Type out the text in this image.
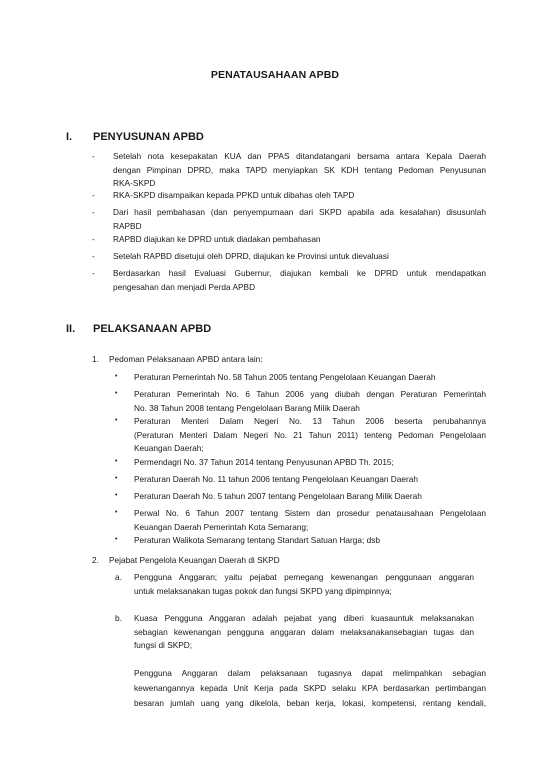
PENATAUSAHAAN APBD
I. PENYUSUNAN APBD
II. PELAKSANAAN APBD
1. Pedoman Pelaksanaan APBD antara lain:
2. Pejabat Pengelola Keuangan Daerah di SKPD
- Setelah nota kesepakatan KUA dan PPAS ditandatangani bersama antara Kepala Daerah
dengan Pimpinan DPRD, maka TAPD menyiapkan SK KDH tentang Pedoman Penyusunan
RKA-SKPD
- RKA-SKPD disampaikan kepada PPKD untuk dibahas oleh TAPD
- Dari hasil pembahasan (dan penyempurnaan dari SKPD apabila ada kesalahan) disusunlah
RAPBD
- RAPBD diajukan ke DPRD untuk diadakan pembahasan
- Setelah RAPBD disetujui oleh DPRD, diajukan ke Provinsi untuk dievaluasi
- Berdasarkan hasil Evaluasi Gubernur, diajukan kembali ke DPRD untuk mendapatkan
pengesahan dan menjadi Perda APBD
• Peraturan Pemerintah No. 58 Tahun 2005 tentang Pengelolaan Keuangan Daerah
• Peraturan Pemerintah No. 6 Tahun 2006 yang diubah dengan Peraturan Pemerintah
No. 38 Tahun 2008 tentang Pengelolaan Barang Milik Daerah
• Peraturan Menteri Dalam Negeri No. 13 Tahun 2006 beserta perubahannya
(Peraturan Menteri Dalam Negeri No. 21 Tahun 2011) tenteng Pedoman Pengelolaan
Keuangan Daerah;
• Permendagri No. 37 Tahun 2014 tentang Penyusunan APBD Th. 2015;
• Peraturan Daerah No. 11 tahun 2006 tentang Pengelolaan Keuangan Daerah
• Peraturan Daerah No. 5 tahun 2007 tentang Pengelolaan Barang Milik Daerah
• Perwal No. 6 Tahun 2007 tentang Sistem dan prosedur penatausahaan Pengelolaan
Keuangan Daerah Pemerintah Kota Semarang;
• Peraturan Walikota Semarang tentang Standart Satuan Harga; dsb
a. Pengguna Anggaran; yaitu pejabat pemegang kewenangan penggunaan anggaran
untuk melaksanakan tugas pokok dan fungsi SKPD yang dipimpinnya;
b. Kuasa Pengguna Anggaran adalah pejabat yang diberi kuasauntuk melaksanakan
sebagian kewenangan pengguna anggaran dalam melaksanakansebagian tugas dan
fungsi di SKPD;
Pengguna Anggaran dalam pelaksanaan tugasnya dapat melimpahkan sebagian
kewenangannya kepada Unit Kerja pada SKPD selaku KPA berdasarkan pertimbangan
besaran jumlah uang yang dikelola, beban kerja, lokasi, kompetensi, rentang kendali,
